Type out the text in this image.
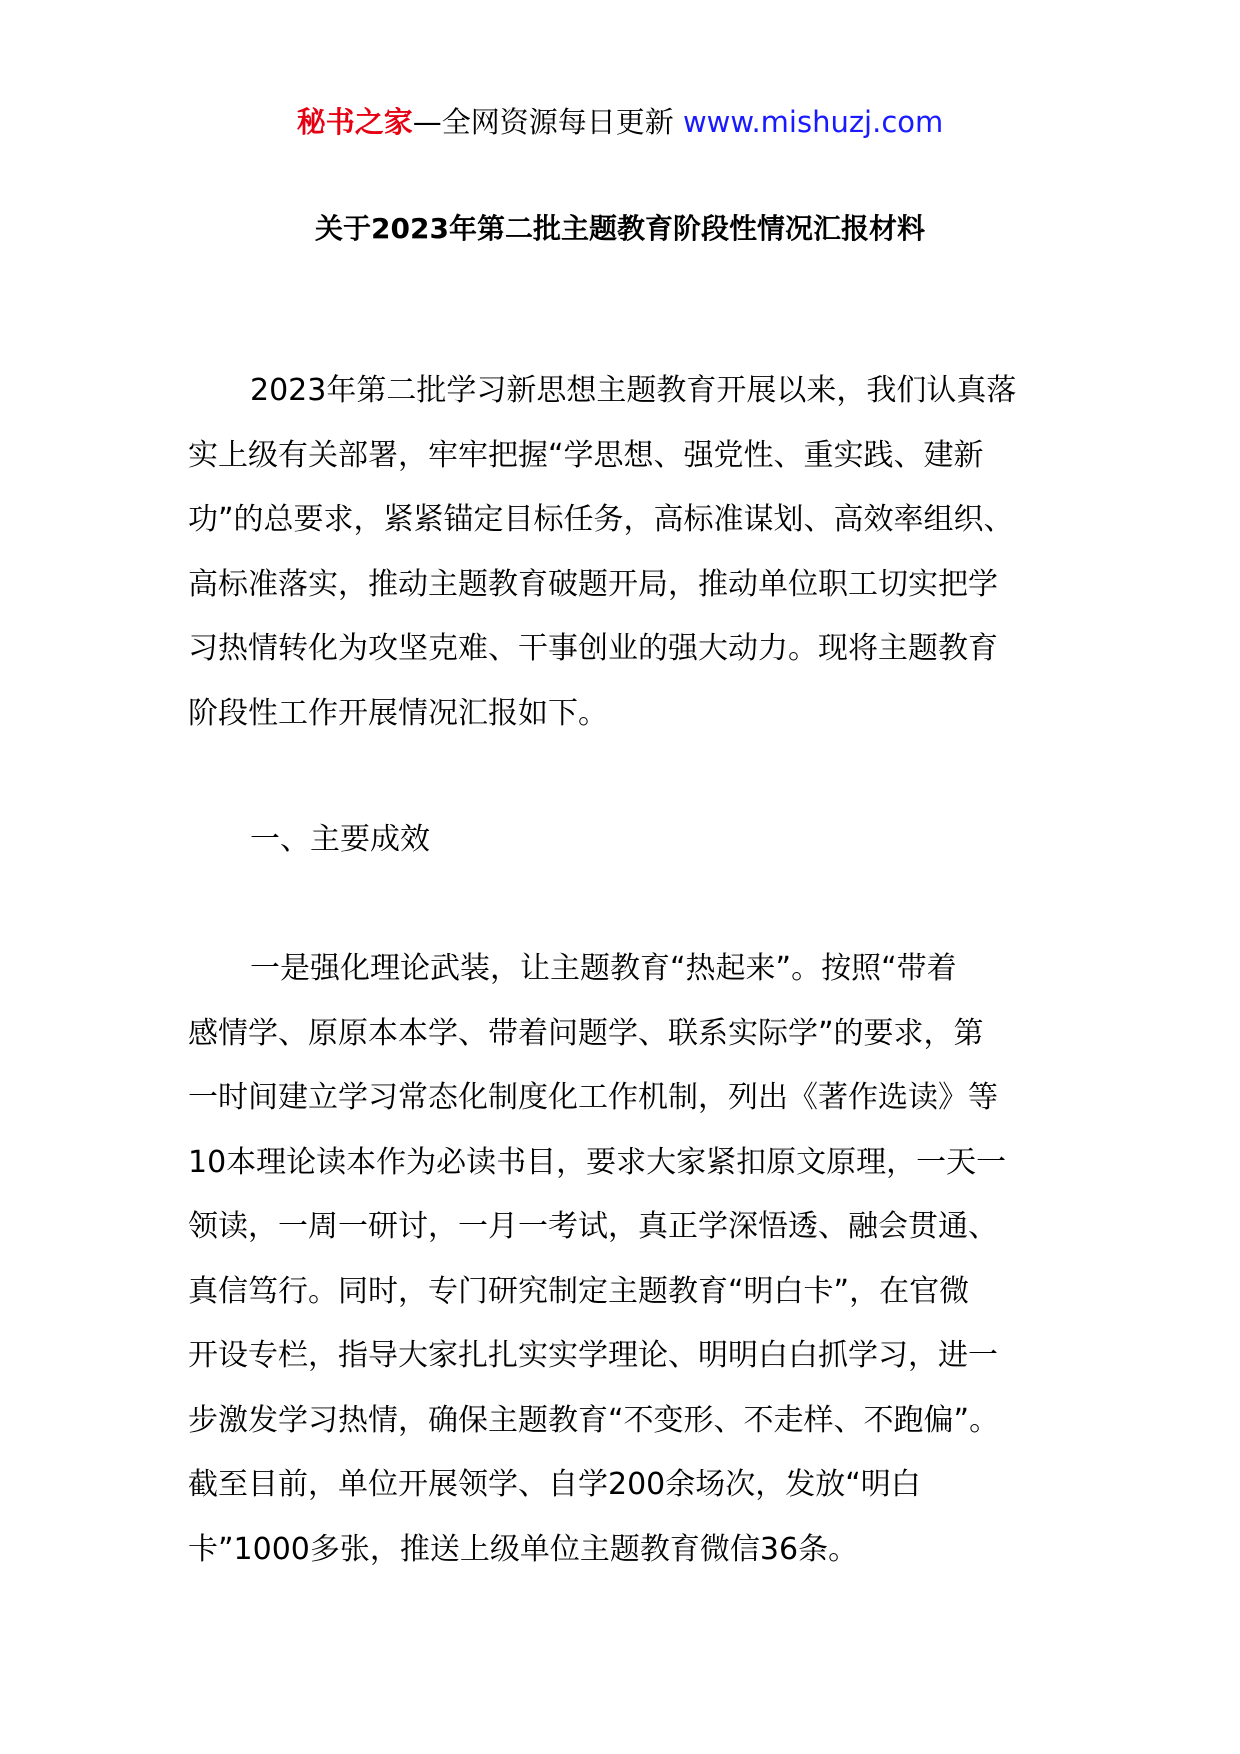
秘书之家—全网资源每日更新 www.mishuzj.com
关于2023年第二批主题教育阶段性情况汇报材料

2023年第二批学习新思想主题教育开展以来，我们认真落
实上级有关部署，牢牢把握“学思想、强党性、重实践、建新
功”的总要求，紧紧锚定目标任务，高标准谋划、高效率组织、
高标准落实，推动主题教育破题开局，推动单位职工切实把学
习热情转化为攻坚克难、干事创业的强大动力。现将主题教育
阶段性工作开展情况汇报如下。

一、主要成效

一是强化理论武装，让主题教育“热起来”。按照“带着
感情学、原原本本学、带着问题学、联系实际学”的要求，第
一时间建立学习常态化制度化工作机制，列出《著作选读》等
10本理论读本作为必读书目，要求大家紧扣原文原理，一天一
领读，一周一研讨，一月一考试，真正学深悟透、融会贯通、
真信笃行。同时，专门研究制定主题教育“明白卡”，在官微
开设专栏，指导大家扎扎实实学理论、明明白白抓学习，进一
步激发学习热情，确保主题教育“不变形、不走样、不跑偏”。
截至目前，单位开展领学、自学200余场次，发放“明白
卡”1000多张，推送上级单位主题教育微信36条。
